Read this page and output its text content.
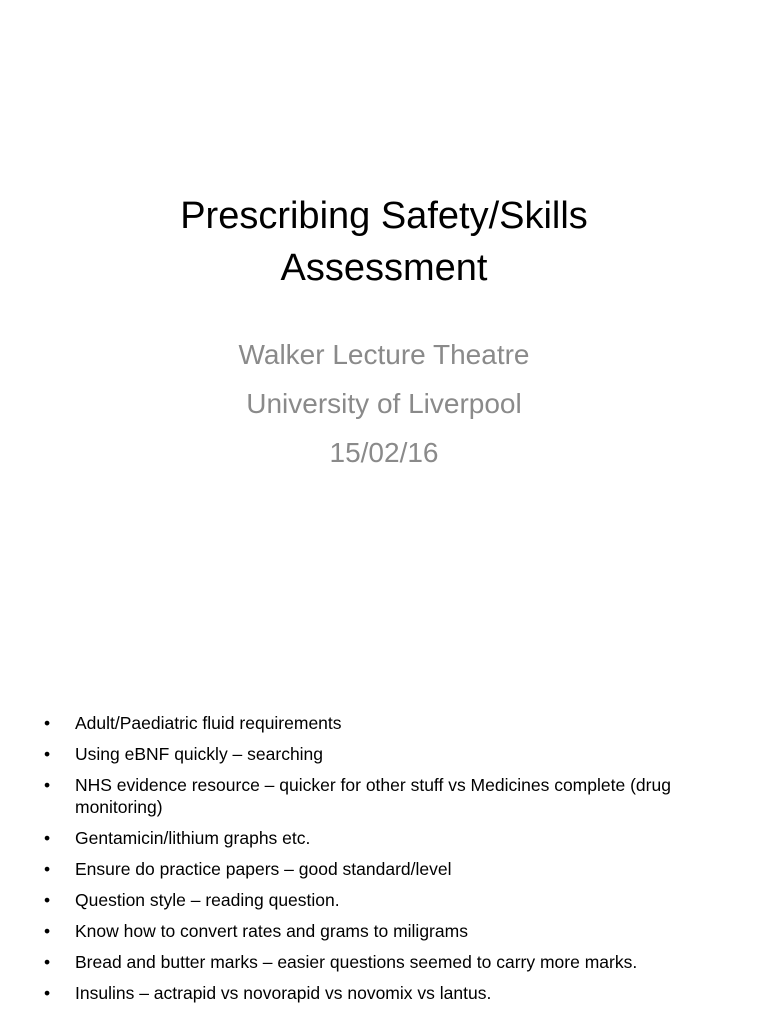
Prescribing Safety/Skills
Assessment
Walker Lecture Theatre
University of Liverpool
15/02/16
• Adult/Paediatric fluid requirements
• Using eBNF quickly – searching
• NHS evidence resource – quicker for other stuff vs Medicines complete (drug monitoring)
• Gentamicin/lithium graphs etc.
• Ensure do practice papers – good standard/level
• Question style – reading question.
• Know how to convert rates and grams to miligrams
• Bread and butter marks – easier questions seemed to carry more marks.
• Insulins – actrapid vs novorapid vs novomix vs lantus.
